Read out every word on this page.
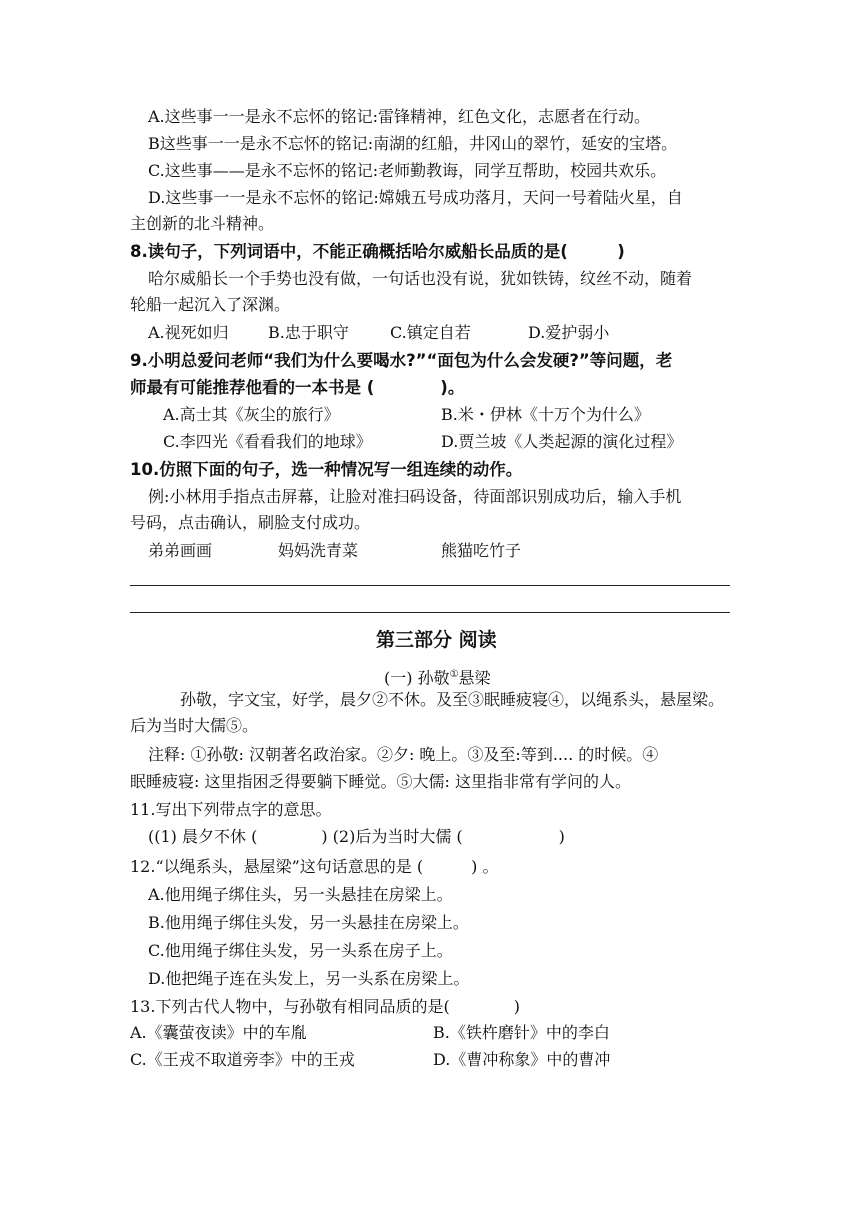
A.这些事一一是永不忘怀的铭记:雷锋精神，红色文化，志愿者在行动。
B这些事一一是永不忘怀的铭记:南湖的红船，井冈山的翠竹，延安的宝塔。
C.这些事——是永不忘怀的铭记:老师勤教诲，同学互帮助，校园共欢乐。
D.这些事一一是永不忘怀的铭记:嫦娥五号成功落月，天问一号着陆火星，自
主创新的北斗精神。
8.读句子，下列词语中，不能正确概括哈尔威船长品质的是(　　　)
哈尔威船长一个手势也没有做，一句话也没有说，犹如铁铸，纹丝不动，随着
轮船一起沉入了深渊。
A.视死如归 B.忠于职守	C.镇定自若	D.爱护弱小
9.小明总爱问老师“我们为什么要喝水?”“面包为什么会发硬?”等问题，老
师最有可能推荐他看的一本书是 (　　　　)。
A.高士其《灰尘的旅行》	B.米・伊林《十万个为什么》
C.李四光《看看我们的地球》	D.贾兰坡《人类起源的演化过程》
10.仿照下面的句子，选一种情况写一组连续的动作。
例:小林用手指点击屏幕，让脸对准扫码设备，待面部识别成功后，输入手机
号码，点击确认，刷脸支付成功。
弟弟画画	妈妈洗青菜	熊猫吃竹子
第三部分 阅读
(一) 孙敬①悬梁
孙敬，字文宝，好学，晨夕②不休。及至③眠睡疲寝④，以绳系头，悬屋梁。
后为当时大儒⑤。
注释: ①孙敬: 汉朝著名政治家。②夕: 晚上。③及至:等到.... 的时候。④
眠睡疲寝: 这里指困乏得要躺下睡觉。⑤大儒: 这里指非常有学问的人。
11.写出下列带点字的意思。
((1) 晨夕不休 (　　　　) (2)后为当时大儒 (　　　　　　)
12.“以绳系头，悬屋梁”这句话意思的是 (　　　) 。
A.他用绳子绑住头，另一头悬挂在房梁上。
B.他用绳子绑住头发，另一头悬挂在房梁上。
C.他用绳子绑住头发，另一头系在房子上。
D.他把绳子连在头发上，另一头系在房梁上。
13.下列古代人物中，与孙敬有相同品质的是(　　　　)
A.《囊萤夜读》中的车胤	B.《铁杵磨针》中的李白
C.《王戎不取道旁李》中的王戎	D.《曹冲称象》中的曹冲
